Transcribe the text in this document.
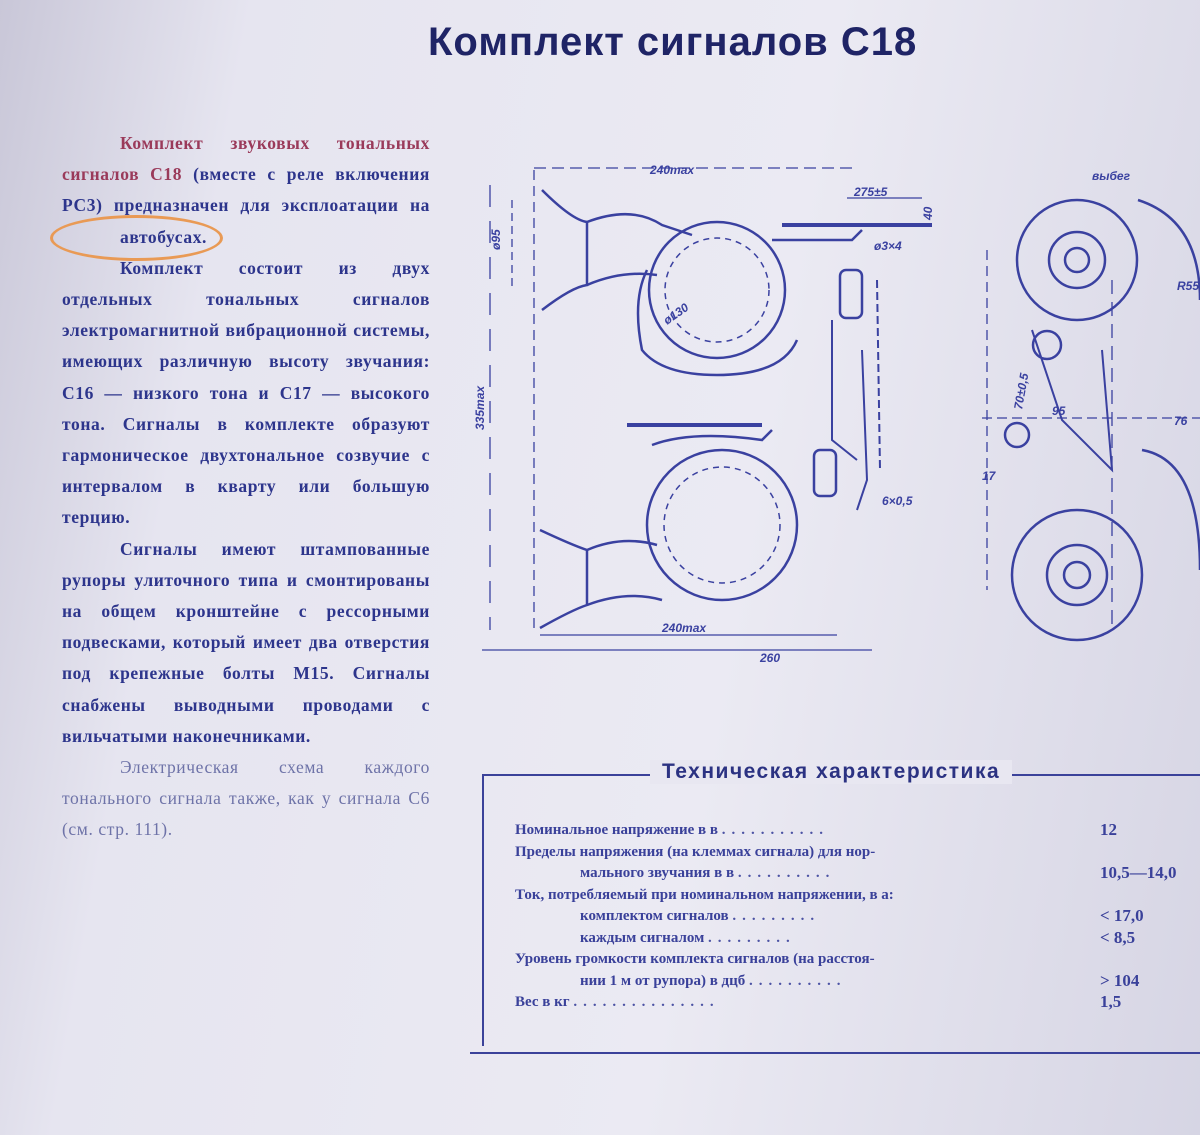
Комплект сигналов С18

Комплект звуковых тональных сигналов С18 (вместе с реле включения РС3) предназначен для эксплоатации на автобусах.

Комплект состоит из двух отдельных тональных сигналов электромагнитной вибрационной системы, имеющих различную высоту звучания: С16 — низкого тона и С17 — высокого тона. Сигналы в комплекте образуют гармоническое двухтональное созвучие с интервалом в кварту или большую терцию.

Сигналы имеют штампованные рупоры улиточного типа и смонтированы на общем кронштейне с рессорными подвесками, который имеет два отверстия под крепежные болты М15. Сигналы снабжены выводными проводами с вильчатыми наконечниками.

Электрическая схема каждого тонального сигнала также, как у сигнала С6 (см. стр. 111).

240max
275±5
ø95
ø130
ø3×4
40
335max
6×0,5
240max
260
выбег
R55
70±0,5
95
76
17
Техническая характеристика
Номинальное напряжение в в ...........	12
Пределы напряжения (на клеммах сигнала) для нор-
мального звучания в в ..........	10,5—14,0
Ток, потребляемый при номинальном напряжении, в а:
комплектом сигналов .........	< 17,0
каждым сигналом .........	< 8,5
Уровень громкости комплекта сигналов (на расстоя-
нии 1 м от рупора) в дцб ..........	> 104
Вес в кг ...............	1,5
